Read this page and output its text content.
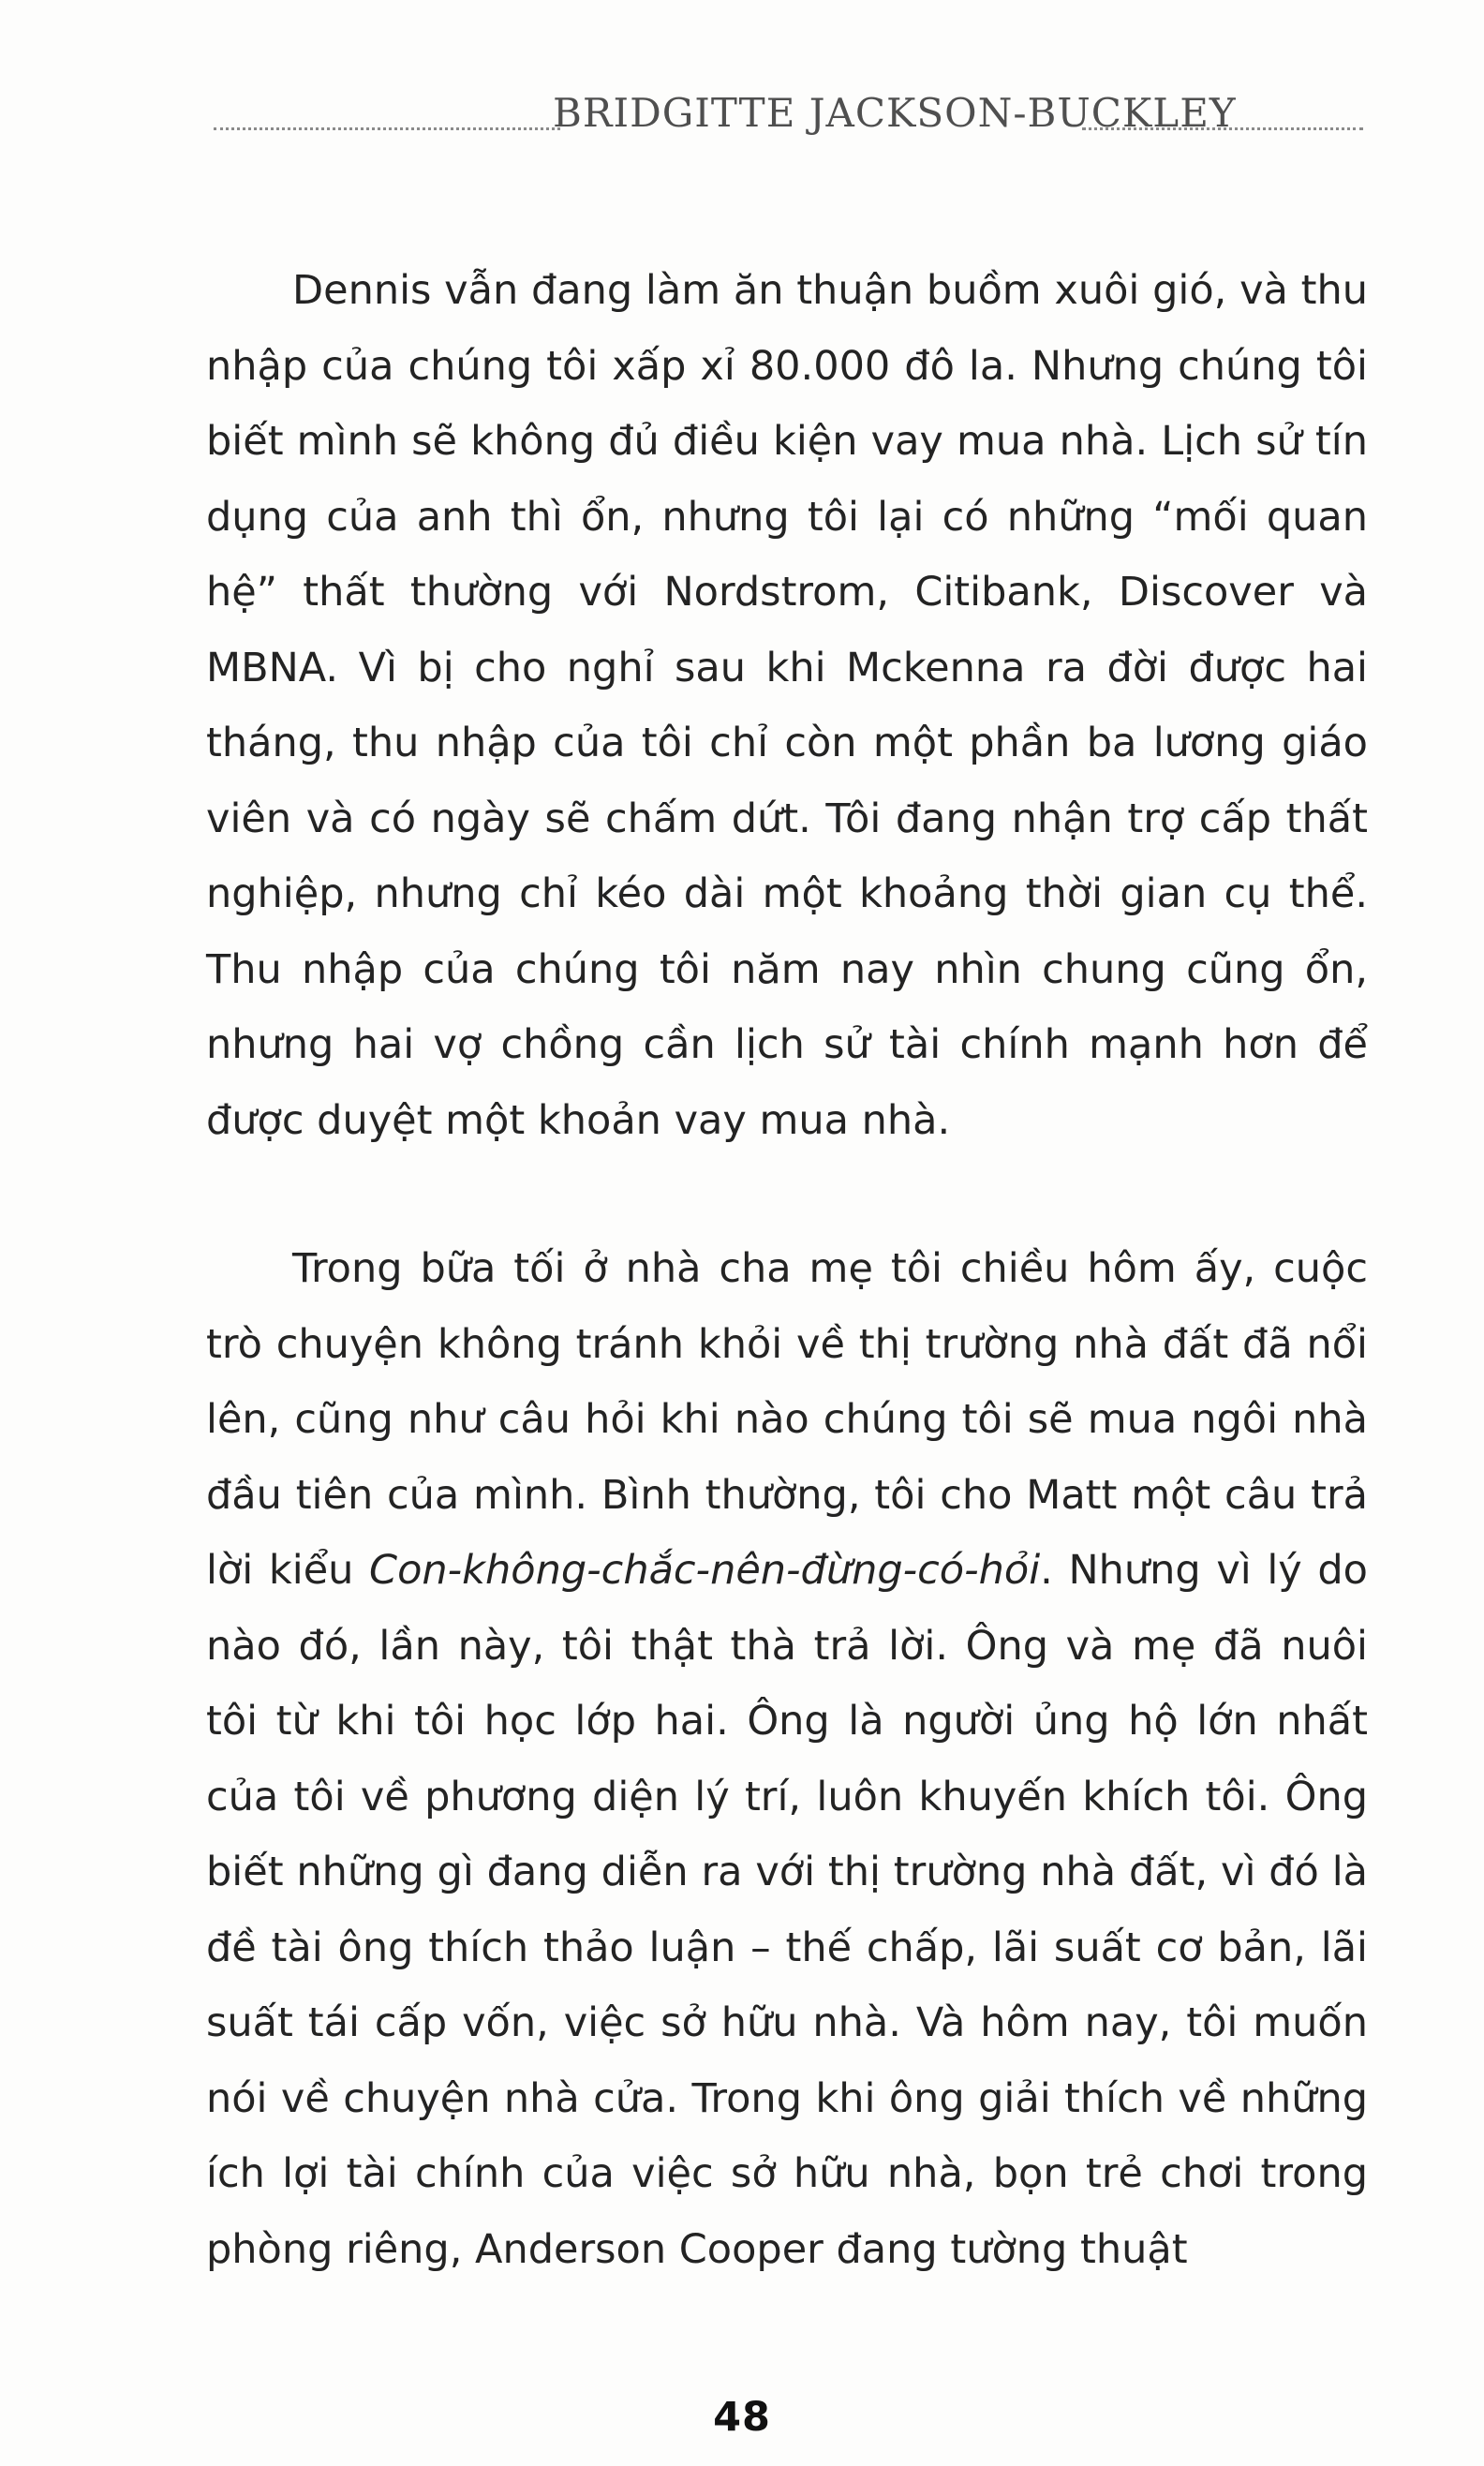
BRIDGITTE JACKSON-BUCKLEY

Dennis vẫn đang làm ăn thuận buồm xuôi gió, và thu nhập của chúng tôi xấp xỉ 80.000 đô la. Nhưng chúng tôi biết mình sẽ không đủ điều kiện vay mua nhà. Lịch sử tín dụng của anh thì ổn, nhưng tôi lại có những “mối quan hệ” thất thường với Nordstrom, Citibank, Discover và MBNA. Vì bị cho nghỉ sau khi Mckenna ra đời được hai tháng, thu nhập của tôi chỉ còn một phần ba lương giáo viên và có ngày sẽ chấm dứt. Tôi đang nhận trợ cấp thất nghiệp, nhưng chỉ kéo dài một khoảng thời gian cụ thể. Thu nhập của chúng tôi năm nay nhìn chung cũng ổn, nhưng hai vợ chồng cần lịch sử tài chính mạnh hơn để được duyệt một khoản vay mua nhà.

Trong bữa tối ở nhà cha mẹ tôi chiều hôm ấy, cuộc trò chuyện không tránh khỏi về thị trường nhà đất đã nổi lên, cũng như câu hỏi khi nào chúng tôi sẽ mua ngôi nhà đầu tiên của mình. Bình thường, tôi cho Matt một câu trả lời kiểu Con-không-chắc-nên-đừng-có-hỏi. Nhưng vì lý do nào đó, lần này, tôi thật thà trả lời. Ông và mẹ đã nuôi tôi từ khi tôi học lớp hai. Ông là người ủng hộ lớn nhất của tôi về phương diện lý trí, luôn khuyến khích tôi. Ông biết những gì đang diễn ra với thị trường nhà đất, vì đó là đề tài ông thích thảo luận – thế chấp, lãi suất cơ bản, lãi suất tái cấp vốn, việc sở hữu nhà. Và hôm nay, tôi muốn nói về chuyện nhà cửa. Trong khi ông giải thích về những ích lợi tài chính của việc sở hữu nhà, bọn trẻ chơi trong phòng riêng, Anderson Cooper đang tường thuật

48
